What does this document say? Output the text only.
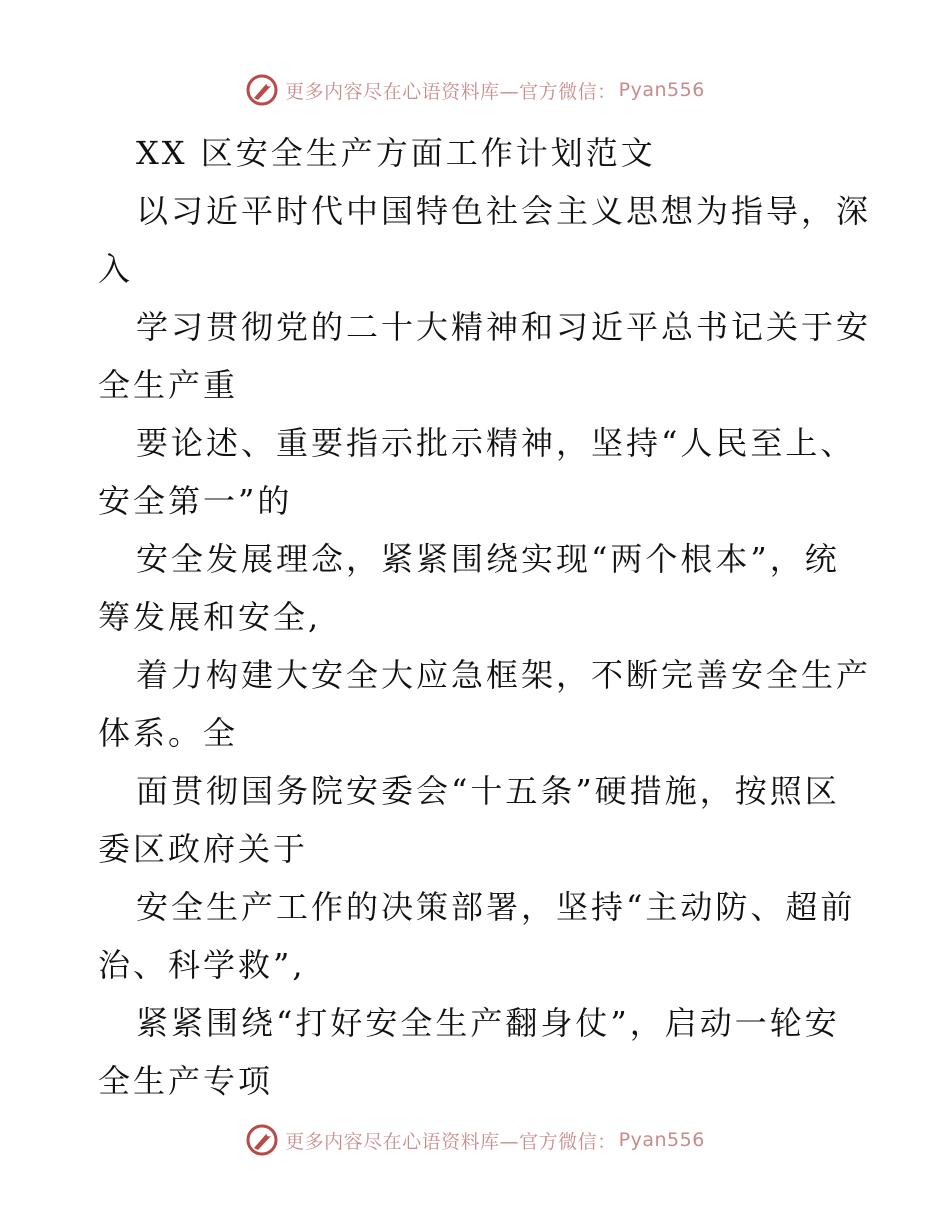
更多内容尽在心语资料库—官方微信： Pyan556
XX 区安全生产方面工作计划范文
以习近平时代中国特色社会主义思想为指导，深
入
学习贯彻党的二十大精神和习近平总书记关于安
全生产重
要论述、重要指示批示精神，坚持“人民至上、
安全第一”的
安全发展理念，紧紧围绕实现“两个根本”，统
筹发展和安全,
着力构建大安全大应急框架，不断完善安全生产
体系。全
面贯彻国务院安委会“十五条”硬措施，按照区
委区政府关于
安全生产工作的决策部署，坚持“主动防、超前
治、科学救”,
紧紧围绕“打好安全生产翻身仗”，启动一轮安
全生产专项
更多内容尽在心语资料库—官方微信： Pyan556
